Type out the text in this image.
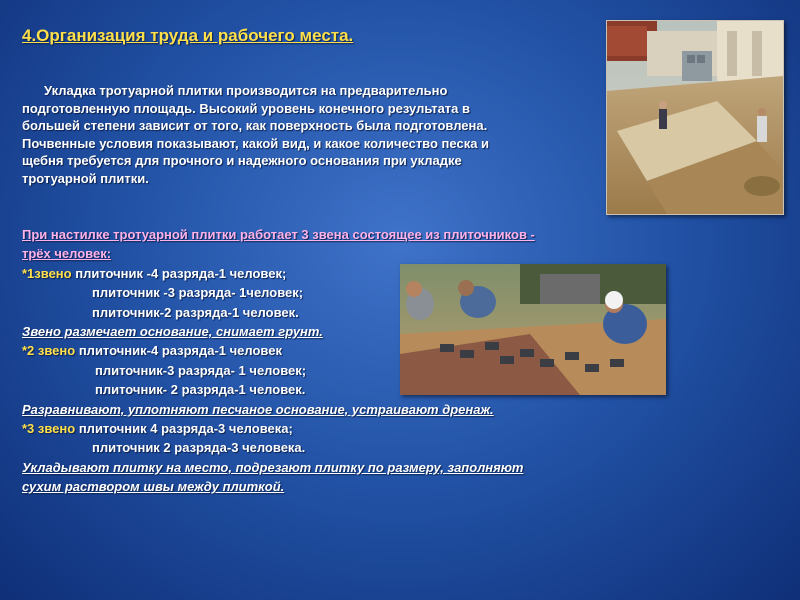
4.Организация труда и рабочего места.
Укладка тротуарной плитки производится на предварительно
подготовленную площадь. Высокий уровень конечного результата в
большей степени зависит от того, как поверхность была подготовлена.
Почвенные условия показывают, какой вид, и какое количество песка и
щебня требуется для прочного и надежного основания при укладке
тротуарной плитки.
При настилке тротуарной плитки работает 3 звена состоящее из плиточников -
трёх человек:
*1звено плиточник -4 разряда-1 человек;
плиточник -3 разряда- 1человек;
плиточник-2 разряда-1 человек.
Звено размечает основание, снимает грунт.
*2 звено плиточник-4 разряда-1 человек
плиточник-3 разряда- 1 человек;
плиточник- 2 разряда-1 человек.
Разравнивают, уплотняют песчаное основание, устраивают дренаж.
*3 звено плиточник 4 разряда-3 человека;
плиточник 2 разряда-3 человека.
Укладывают плитку на место, подрезают плитку по размеру, заполняют
сухим раствором швы между плиткой.
